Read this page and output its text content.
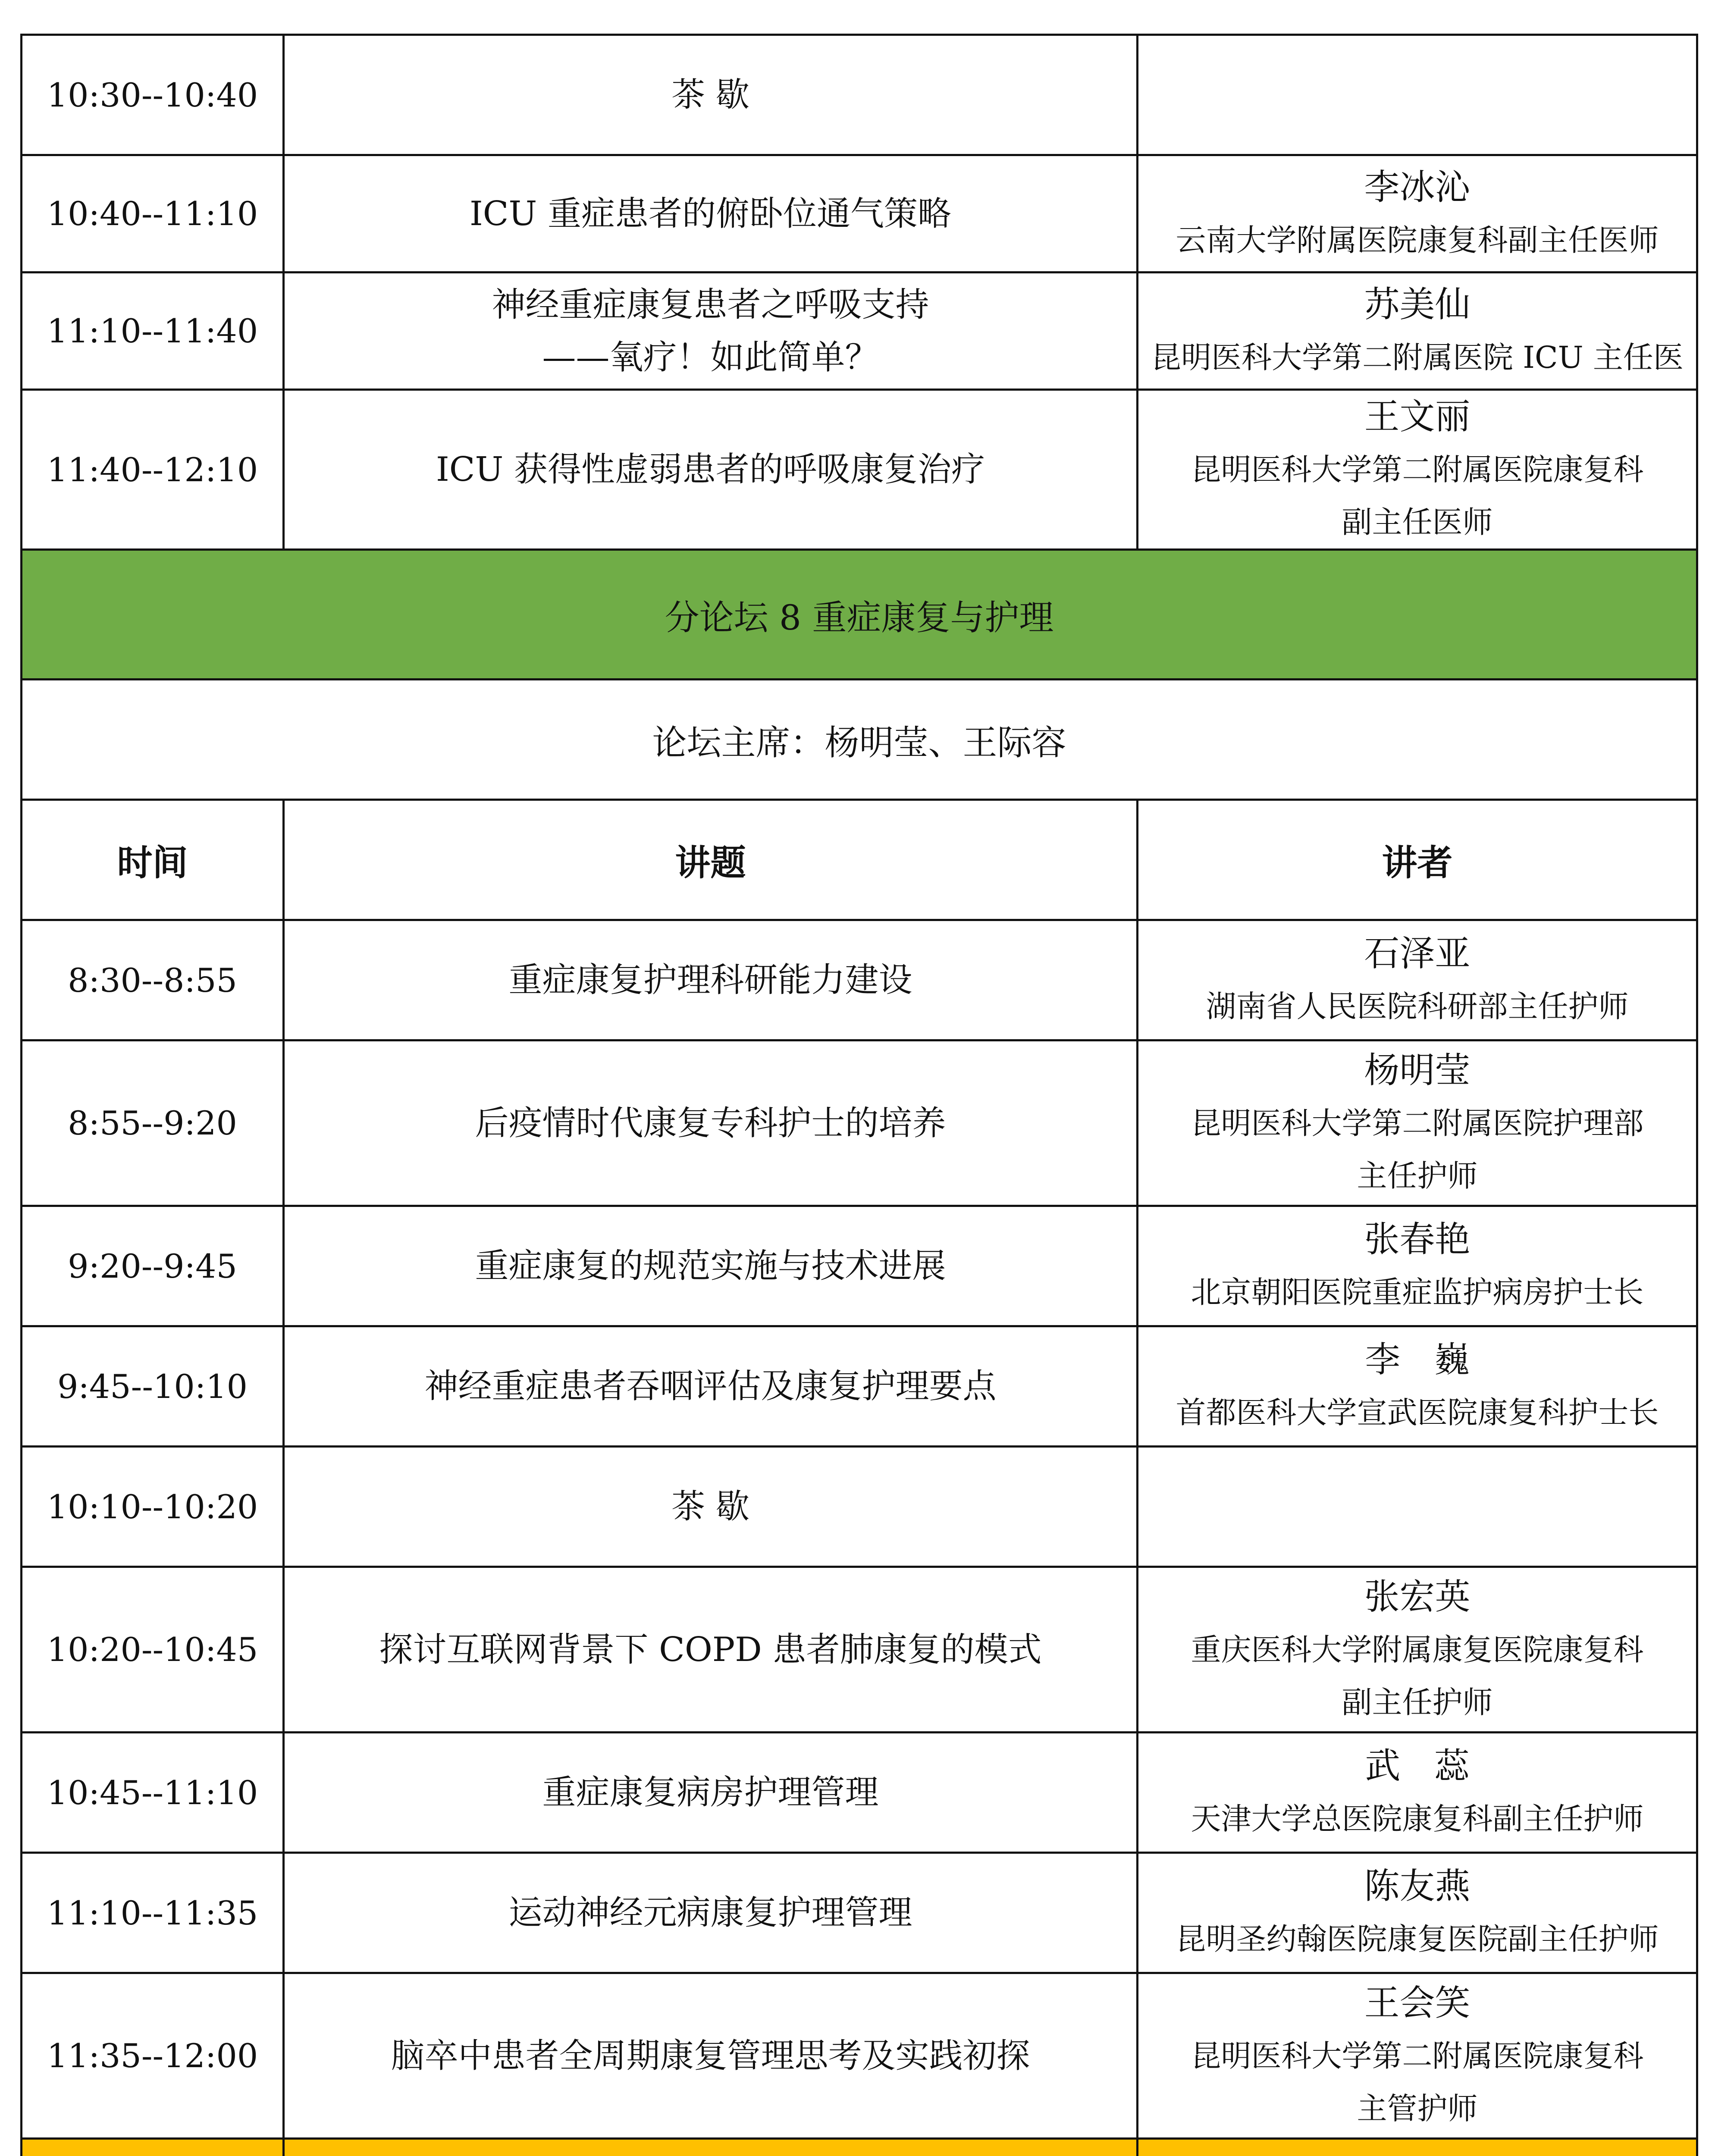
10:30--10:40	茶 歇	
10:40--11:10	ICU 重症患者的俯卧位通气策略	李冰沁
云南大学附属医院康复科副主任医师

11:10--11:40	神经重症康复患者之呼吸支持
——氧疗！如此简单？	苏美仙
昆明医科大学第二附属医院 ICU 主任医

11:40--12:10	ICU 获得性虚弱患者的呼吸康复治疗	王文丽
昆明医科大学第二附属医院康复科
副主任医师

分论坛 8 重症康复与护理		
论坛主席：杨明莹、王际容		
时间	讲题	讲者
8:30--8:55	重症康复护理科研能力建设	石泽亚
湖南省人民医院科研部主任护师

8:55--9:20	后疫情时代康复专科护士的培养	杨明莹
昆明医科大学第二附属医院护理部
主任护师

9:20--9:45	重症康复的规范实施与技术进展	张春艳
北京朝阳医院重症监护病房护士长

9:45--10:10	神经重症患者吞咽评估及康复护理要点	李   巍
首都医科大学宣武医院康复科护士长

10:10--10:20	茶 歇	
10:20--10:45	探讨互联网背景下 COPD 患者肺康复的模式	张宏英
重庆医科大学附属康复医院康复科
副主任护师

10:45--11:10	重症康复病房护理管理	武   蕊
天津大学总医院康复科副主任护师

11:10--11:35	运动神经元病康复护理管理	陈友燕
昆明圣约翰医院康复医院副主任护师

11:35--12:00	脑卒中患者全周期康复管理思考及实践初探	王会笑
昆明医科大学第二附属医院康复科
主管护师
